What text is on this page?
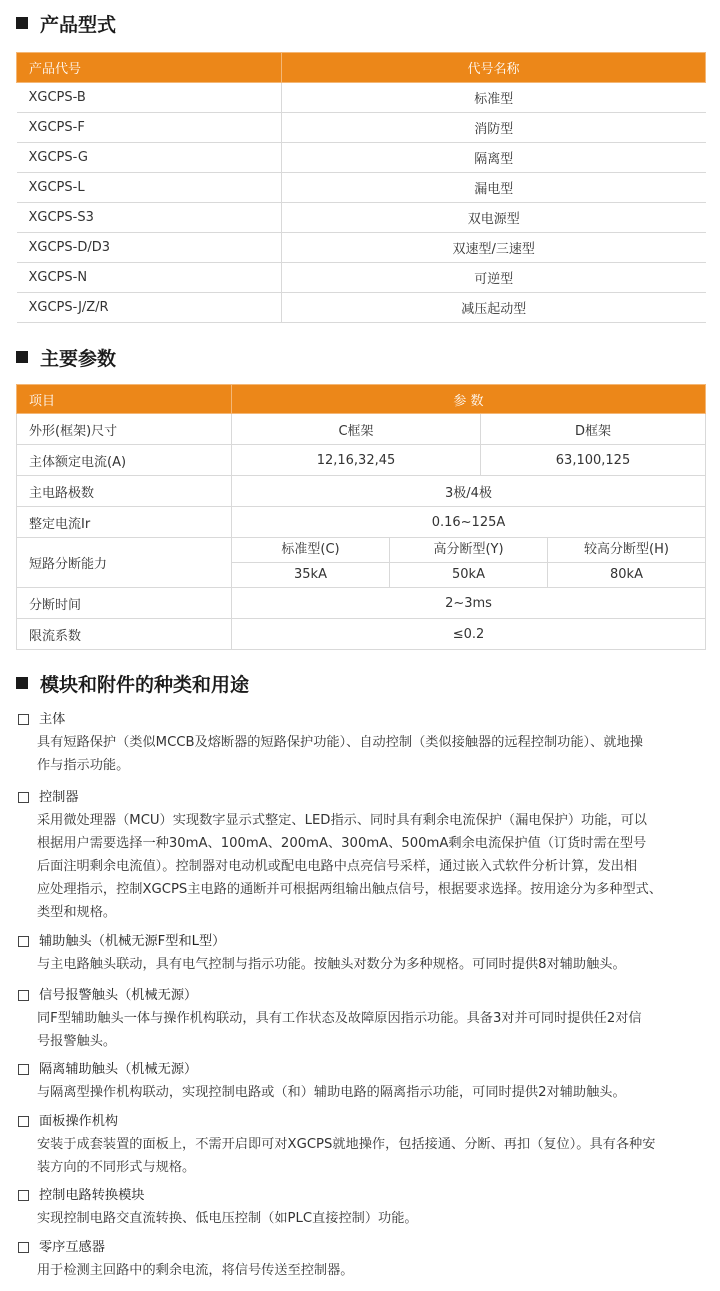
产品型式
产品代号	代号名称
XGCPS-B	标准型
XGCPS-F	消防型
XGCPS-G	隔离型
XGCPS-L	漏电型
XGCPS-S3	双电源型
XGCPS-D/D3	双速型/三速型
XGCPS-N	可逆型
XGCPS-J/Z/R	减压起动型
主要参数
项目	参 数	
外形(框架)尺寸	C框架	D框架
主体额定电流(A)	12,16,32,45	63,100,125
主电路极数	3极/4极	
整定电流Ir	0.16~125A	
短路分断能力	标准型(C) 高分断型(Y) 较高分断型(H)	

	35kA 50kA 80kA	

分断时间	2~3ms	
限流系数	≤0.2	
模块和附件的种类和用途
主体
具有短路保护（类似MCCB及熔断器的短路保护功能）、自动控制（类似接触器的远程控制功能）、就地操
作与指示功能。
控制器
采用微处理器（MCU）实现数字显示式整定、LED指示、同时具有剩余电流保护（漏电保护）功能，可以
根据用户需要选择一种30mA、100mA、200mA、300mA、500mA剩余电流保护值（订货时需在型号
后面注明剩余电流值）。控制器对电动机或配电电路中点亮信号采样，通过嵌入式软件分析计算，发出相
应处理指示，控制XGCPS主电路的通断并可根据两组输出触点信号，根据要求选择。按用途分为多种型式、
类型和规格。
辅助触头（机械无源F型和L型）
与主电路触头联动，具有电气控制与指示功能。按触头对数分为多种规格。可同时提供8对辅助触头。
信号报警触头（机械无源）
同F型辅助触头一体与操作机构联动，具有工作状态及故障原因指示功能。具备3对并可同时提供任2对信
号报警触头。
隔离辅助触头（机械无源）
与隔离型操作机构联动，实现控制电路或（和）辅助电路的隔离指示功能，可同时提供2对辅助触头。
面板操作机构
安装于成套装置的面板上，不需开启即可对XGCPS就地操作，包括接通、分断、再扣（复位）。具有各种安
装方向的不同形式与规格。
控制电路转换模块
实现控制电路交直流转换、低电压控制（如PLC直接控制）功能。
零序互感器
用于检测主回路中的剩余电流，将信号传送至控制器。
